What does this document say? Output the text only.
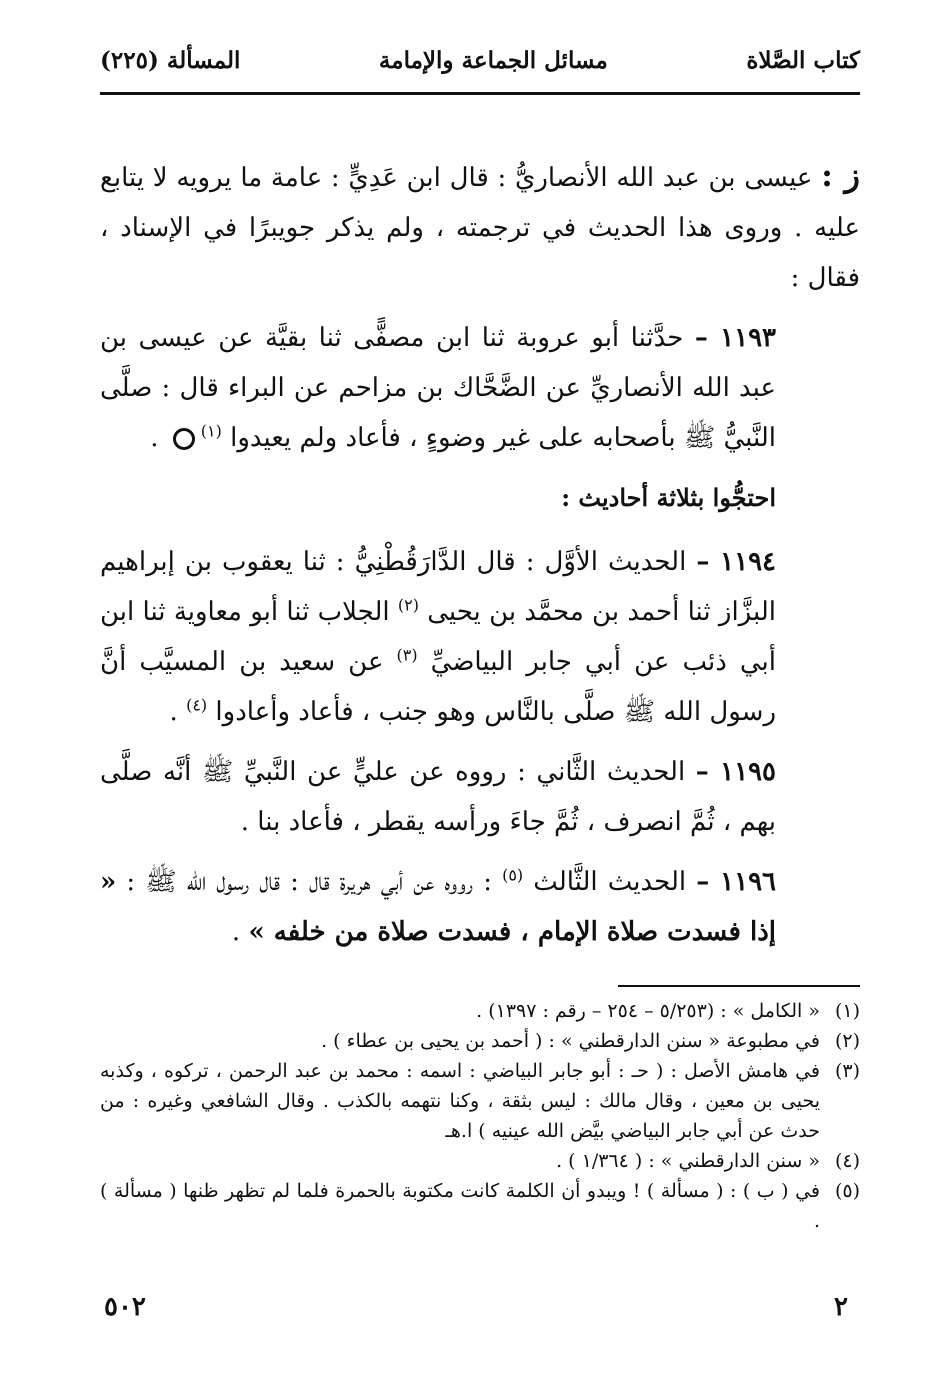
كتاب الصَّلاة
مسائل الجماعة والإمامة
المسألة (٢٢٥)

ز : عيسى بن عبد الله الأنصاريُّ : قال ابن عَدِيٍّ : عامة ما يرويه لا يتابع عليه . وروى هذا الحديث في ترجمته ، ولم يذكر جويبرًا في الإسناد ، فقال :

١١٩٣ – حدَّثنا أبو عروبة ثنا ابن مصفًّى ثنا بقيَّة عن عيسى بن عبد الله الأنصاريِّ عن الضَّحَّاك بن مزاحم عن البراء قال : صلَّى النَّبيُّ ﷺ بأصحابه على غير وضوءٍ ، فأعاد ولم يعيدوا $^{(١)}$ .

احتجُّوا بثلاثة أحاديث :

١١٩٤ – الحديث الأوَّل : قال الدَّارَقُطْنِيُّ : ثنا يعقوب بن إبراهيم البزَّاز ثنا أحمد بن محمَّد بن يحيى $^{(٢)}$ الجلاب ثنا أبو معاوية ثنا ابن أبي ذئب عن أبي جابر البياضيِّ $^{(٣)}$ عن سعيد بن المسيَّب أنَّ رسول الله ﷺ صلَّى بالنَّاس وهو جنب ، فأعاد وأعادوا $^{(٤)}$ .

١١٩٥ – الحديث الثَّاني : رووه عن عليٍّ عن النَّبيِّ ﷺ أنَّه صلَّى بهم ، ثُمَّ انصرف ، ثُمَّ جاءَ ورأسه يقطر ، فأعاد بنا .

١١٩٦ – الحديث الثَّالث $^{(٥)}$ : رووه عن أبي هريرة قال : قال رسول الله ﷺ : « إذا فسدت صلاة الإمام ، فسدت صلاة من خلفه » .

(١)
« الكامل » : (٥/٢٥٣ – ٢٥٤ – رقم : ١٣٩٧) .

(٢)
في مطبوعة « سنن الدارقطني » : ( أحمد بن يحيى بن عطاء ) .

(٣)
في هامش الأصل : ( حـ : أبو جابر البياضي : اسمه : محمد بن عبد الرحمن ، تركوه ، وكذبه يحيى بن معين ، وقال مالك : ليس بثقة ، وكنا نتهمه بالكذب . وقال الشافعي وغيره : من حدث عن أبي جابر البياضي بيَّض الله عينيه ) ا.هـ

(٤)
« سنن الدارقطني » : ( ١/٣٦٤ ) .

(٥)
في ( ب ) : ( مسألة ) ! ويبدو أن الكلمة كانت مكتوبة بالحمرة فلما لم تظهر ظنها ( مسألة ) .

٢
٥٠٢
